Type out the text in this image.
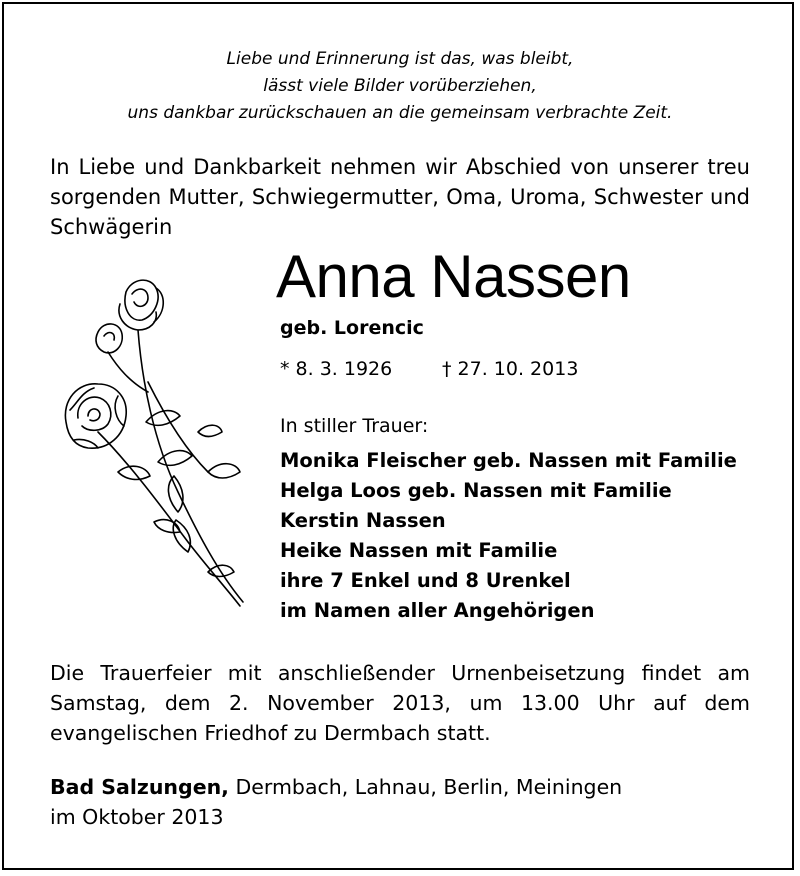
Liebe und Erinnerung ist das, was bleibt,
lässt viele Bilder vorüberziehen,
uns dankbar zurückschauen an die gemeinsam verbrachte Zeit.
In Liebe und Dankbarkeit nehmen wir Abschied von unserer treu sorgenden Mutter, Schwiegermutter, Oma, Uroma, Schwester und Schwägerin
Anna Nassen
geb. Lorencic
* 8. 3. 1926	† 27. 10. 2013
In stiller Trauer:
Monika Fleischer geb. Nassen mit Familie
Helga Loos geb. Nassen mit Familie
Kerstin Nassen
Heike Nassen mit Familie
ihre 7 Enkel und 8 Urenkel
im Namen aller Angehörigen
Die Trauerfeier mit anschließender Urnenbeisetzung findet am Samstag, dem 2. November 2013, um 13.00 Uhr auf dem evangelischen Friedhof zu Dermbach statt.
Bad Salzungen, Dermbach, Lahnau, Berlin, Meiningen
im Oktober 2013
